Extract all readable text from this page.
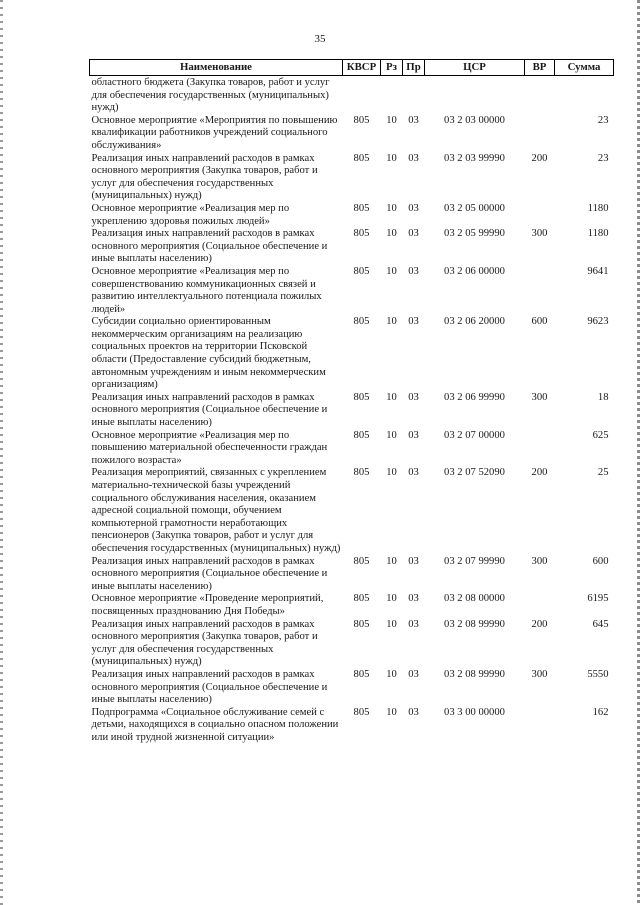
35
Наименование	КВСР	Рз	Пр	ЦСР	ВР	Сумма
областного бюджета (Закупка товаров, работ и услуг для обеспечения государственных (муниципальных) нужд)						
Основное мероприятие «Мероприятия по повышению квалификации работников учреждений социального обслуживания»	805	10	03	03 2 03 00000		23
Реализация иных направлений расходов в рамках основного мероприятия (Закупка товаров, работ и услуг для обеспечения государственных (муниципальных) нужд)	805	10	03	03 2 03 99990	200	23
Основное мероприятие «Реализация мер по укреплению здоровья пожилых людей»	805	10	03	03 2 05 00000		1180
Реализация иных направлений расходов в рамках основного мероприятия (Социальное обеспечение и иные выплаты населению)	805	10	03	03 2 05 99990	300	1180
Основное мероприятие «Реализация мер по совершенствованию коммуникационных связей и развитию интеллектуального потенциала пожилых людей»	805	10	03	03 2 06 00000		9641
Субсидии социально ориентированным некоммерческим организациям на реализацию социальных проектов на территории Псковской области (Предоставление субсидий бюджетным, автономным учреждениям и иным некоммерческим организациям)	805	10	03	03 2 06 20000	600	9623
Реализация иных направлений расходов в рамках основного мероприятия (Социальное обеспечение и иные выплаты населению)	805	10	03	03 2 06 99990	300	18
Основное мероприятие «Реализация мер по повышению материальной обеспеченности граждан пожилого возраста»	805	10	03	03 2 07 00000		625
Реализация мероприятий, связанных с укреплением материально-технической базы учреждений социального обслуживания населения, оказанием адресной социальной помощи, обучением компьютерной грамотности неработающих пенсионеров (Закупка товаров, работ и услуг для обеспечения государственных (муниципальных) нужд)	805	10	03	03 2 07 52090	200	25
Реализация иных направлений расходов в рамках основного мероприятия (Социальное обеспечение и иные выплаты населению)	805	10	03	03 2 07 99990	300	600
Основное мероприятие «Проведение мероприятий, посвященных празднованию Дня Победы»	805	10	03	03 2 08 00000		6195
Реализация иных направлений расходов в рамках основного мероприятия (Закупка товаров, работ и услуг для обеспечения государственных (муниципальных) нужд)	805	10	03	03 2 08 99990	200	645
Реализация иных направлений расходов в рамках основного мероприятия (Социальное обеспечение и иные выплаты населению)	805	10	03	03 2 08 99990	300	5550
Подпрограмма «Социальное обслуживание семей с детьми, находящихся в социально опасном положении или иной трудной жизненной ситуации»	805	10	03	03 3 00 00000		162
